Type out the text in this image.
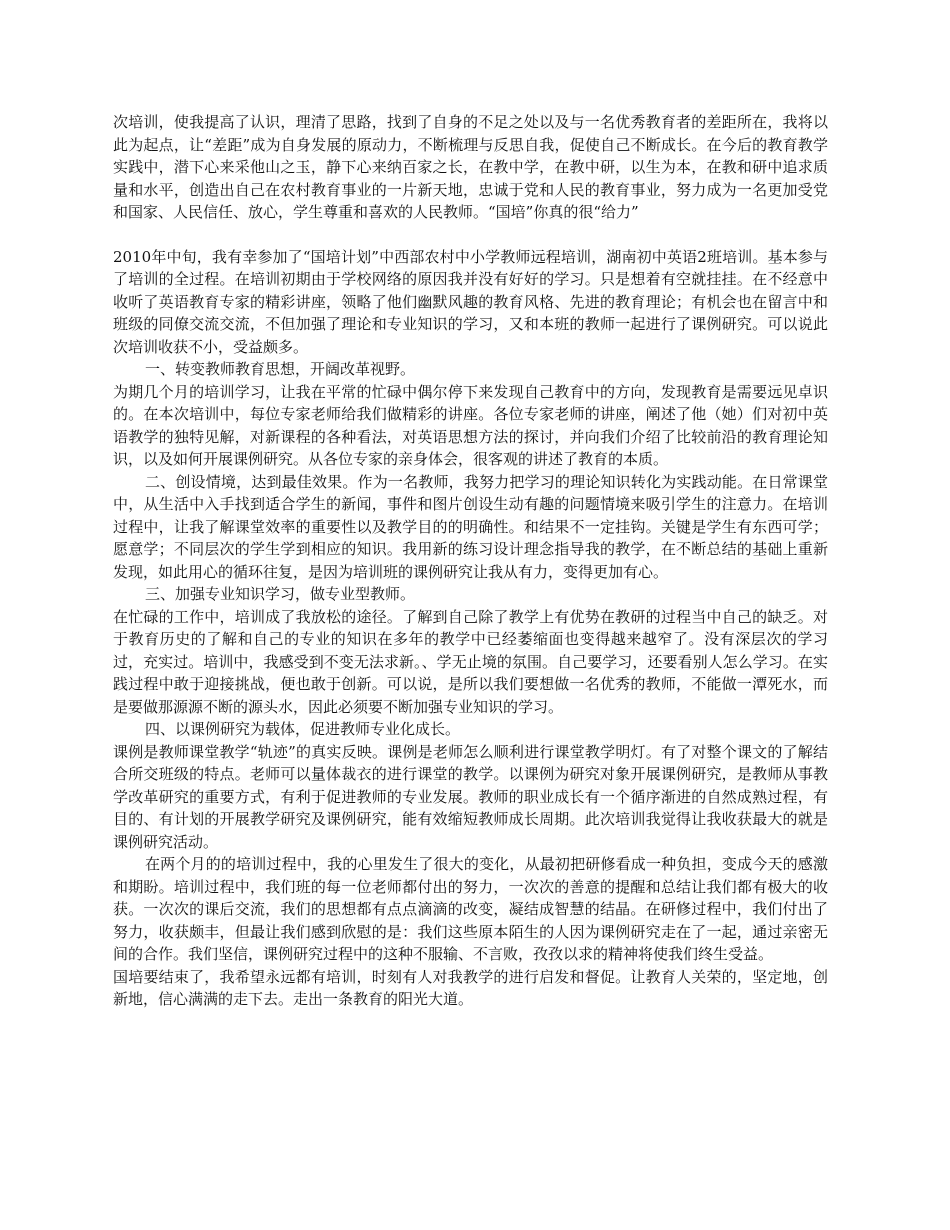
次培训，使我提高了认识，理清了思路，找到了自身的不足之处以及与一名优秀教育者的差距所在，我将以此为起点，让“差距”成为自身发展的原动力，不断梳理与反思自我，促使自己不断成长。在今后的教育教学实践中，潜下心来采他山之玉，静下心来纳百家之长，在教中学，在教中研，以生为本，在教和研中追求质量和水平，创造出自己在农村教育事业的一片新天地，忠诚于党和人民的教育事业，努力成为一名更加受党和国家、人民信任、放心，学生尊重和喜欢的人民教师。“国培”你真的很“给力”

2010年中旬，我有幸参加了“国培计划”中西部农村中小学教师远程培训，湖南初中英语2班培训。基本参与了培训的全过程。在培训初期由于学校网络的原因我并没有好好的学习。只是想着有空就挂挂。在不经意中收听了英语教育专家的精彩讲座，领略了他们幽默风趣的教育风格、先进的教育理论；有机会也在留言中和班级的同僚交流交流，不但加强了理论和专业知识的学习，又和本班的教师一起进行了课例研究。可以说此次培训收获不小，受益颇多。

一、转变教师教育思想，开阔改革视野。

为期几个月的培训学习，让我在平常的忙碌中偶尔停下来发现自己教育中的方向，发现教育是需要远见卓识的。在本次培训中，每位专家老师给我们做精彩的讲座。各位专家老师的讲座，阐述了他（她）们对初中英语教学的独特见解，对新课程的各种看法，对英语思想方法的探讨，并向我们介绍了比较前沿的教育理论知识，以及如何开展课例研究。从各位专家的亲身体会，很客观的讲述了教育的本质。

二、创设情境，达到最佳效果。作为一名教师，我努力把学习的理论知识转化为实践动能。在日常课堂中，从生活中入手找到适合学生的新闻，事件和图片创设生动有趣的问题情境来吸引学生的注意力。在培训过程中，让我了解课堂效率的重要性以及教学目的的明确性。和结果不一定挂钩。关键是学生有东西可学；愿意学；不同层次的学生学到相应的知识。我用新的练习设计理念指导我的教学，在不断总结的基础上重新发现，如此用心的循环往复，是因为培训班的课例研究让我从有力，变得更加有心。

三、加强专业知识学习，做专业型教师。

在忙碌的工作中，培训成了我放松的途径。了解到自己除了教学上有优势在教研的过程当中自己的缺乏。对于教育历史的了解和自己的专业的知识在多年的教学中已经萎缩面也变得越来越窄了。没有深层次的学习过，充实过。培训中，我感受到不变无法求新。、学无止境的氛围。自己要学习，还要看别人怎么学习。在实践过程中敢于迎接挑战，便也敢于创新。可以说，是所以我们要想做一名优秀的教师，不能做一潭死水，而是要做那源源不断的源头水，因此必须要不断加强专业知识的学习。

四、以课例研究为载体，促进教师专业化成长。

课例是教师课堂教学“轨迹”的真实反映。课例是老师怎么顺利进行课堂教学明灯。有了对整个课文的了解结合所交班级的特点。老师可以量体裁衣的进行课堂的教学。以课例为研究对象开展课例研究，是教师从事教学改革研究的重要方式，有利于促进教师的专业发展。教师的职业成长有一个循序渐进的自然成熟过程，有目的、有计划的开展教学研究及课例研究，能有效缩短教师成长周期。此次培训我觉得让我收获最大的就是课例研究活动。

在两个月的的培训过程中，我的心里发生了很大的变化，从最初把研修看成一种负担，变成今天的感激和期盼。培训过程中，我们班的每一位老师都付出的努力，一次次的善意的提醒和总结让我们都有极大的收获。一次次的课后交流，我们的思想都有点点滴滴的改变，凝结成智慧的结晶。在研修过程中，我们付出了努力，收获颇丰，但最让我们感到欣慰的是：我们这些原本陌生的人因为课例研究走在了一起，通过亲密无间的合作。我们坚信，课例研究过程中的这种不服输、不言败，孜孜以求的精神将使我们终生受益。

国培要结束了，我希望永远都有培训，时刻有人对我教学的进行启发和督促。让教育人关荣的，坚定地，创新地，信心满满的走下去。走出一条教育的阳光大道。
